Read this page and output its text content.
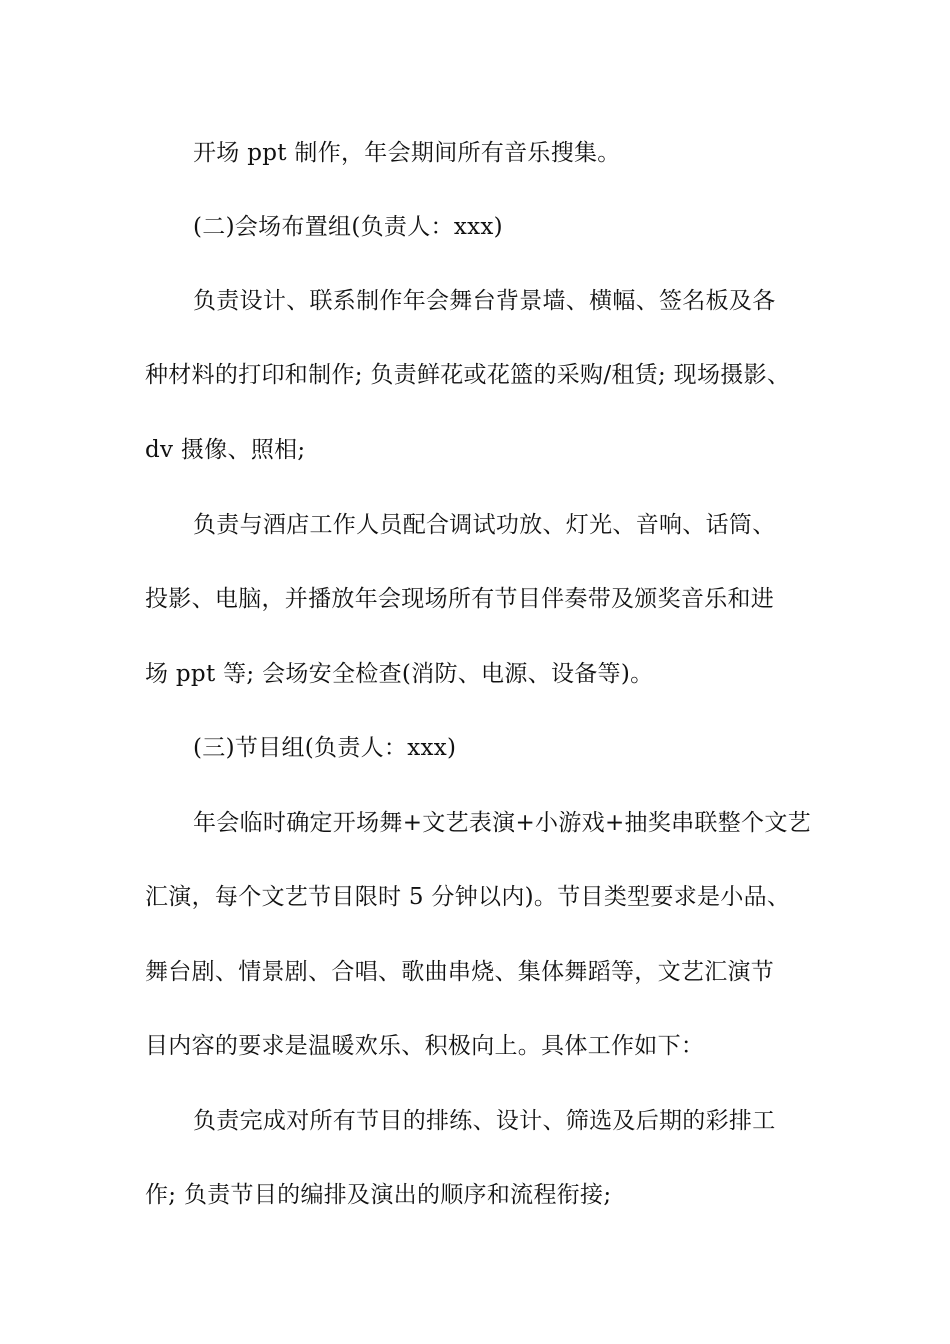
开场 ppt 制作，年会期间所有音乐搜集。
(二)会场布置组(负责人：xxx)
负责设计、联系制作年会舞台背景墙、横幅、签名板及各
种材料的打印和制作; 负责鲜花或花篮的采购/租赁; 现场摄影、
dv 摄像、照相;
负责与酒店工作人员配合调试功放、灯光、音响、话筒、
投影、电脑，并播放年会现场所有节目伴奏带及颁奖音乐和进
场 ppt 等; 会场安全检查(消防、电源、设备等)。
(三)节目组(负责人：xxx)
年会临时确定开场舞+文艺表演+小游戏+抽奖串联整个文艺
汇演，每个文艺节目限时 5 分钟以内)。节目类型要求是小品、
舞台剧、情景剧、合唱、歌曲串烧、集体舞蹈等，文艺汇演节
目内容的要求是温暖欢乐、积极向上。具体工作如下：
负责完成对所有节目的排练、设计、筛选及后期的彩排工
作; 负责节目的编排及演出的顺序和流程衔接;
